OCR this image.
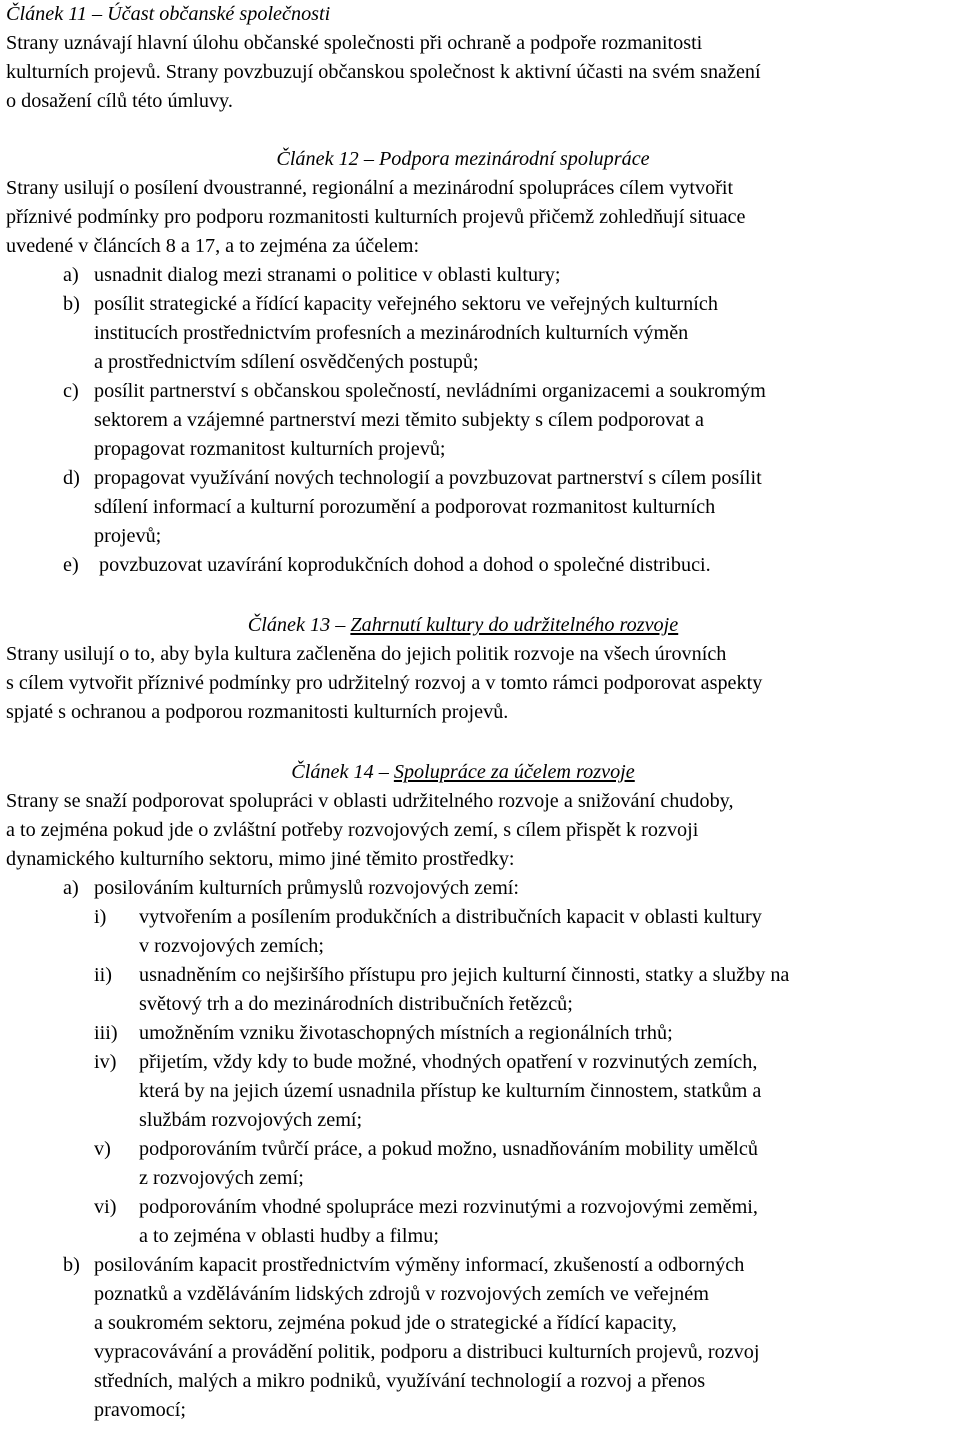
Článek 11 – Účast občanské společnosti
Strany uznávají hlavní úlohu občanské společnosti při ochraně a podpoře rozmanitosti
kulturních projevů. Strany povzbuzují občanskou společnost k aktivní účasti na svém snažení
o dosažení cílů této úmluvy.
Článek 12 – Podpora mezinárodní spolupráce
Strany usilují o posílení dvoustranné, regionální a mezinárodní spolupráces cílem vytvořit
příznivé podmínky pro podporu rozmanitosti kulturních projevů přičemž zohledňují situace
uvedené v článcích 8 a 17, a to zejména za účelem:
a) usnadnit dialog mezi stranami o politice v oblasti kultury;
b) posílit strategické a řídící kapacity veřejného sektoru ve veřejných kulturních
institucích prostřednictvím profesních a mezinárodních kulturních výměn
a prostřednictvím sdílení osvědčených postupů;
c) posílit partnerství s občanskou společností, nevládními organizacemi a soukromým
sektorem a vzájemné partnerství mezi těmito subjekty s cílem podporovat a
propagovat rozmanitost kulturních projevů;
d) propagovat využívání nových technologií a povzbuzovat partnerství s cílem posílit
sdílení informací a kulturní porozumění a podporovat rozmanitost kulturních
projevů;
e) povzbuzovat uzavírání koprodukčních dohod a dohod o společné distribuci.
Článek 13 – Zahrnutí kultury do udržitelného rozvoje
Strany usilují o to, aby byla kultura začleněna do jejich politik rozvoje na všech úrovních
s cílem vytvořit příznivé podmínky pro udržitelný rozvoj a v tomto rámci podporovat aspekty
spjaté s ochranou a podporou rozmanitosti kulturních projevů.
Článek 14 – Spolupráce za účelem rozvoje
Strany se snaží podporovat spolupráci v oblasti udržitelného rozvoje a snižování chudoby,
a to zejména pokud jde o zvláštní potřeby rozvojových zemí, s cílem přispět k rozvoji
dynamického kulturního sektoru, mimo jiné těmito prostředky:
a) posilováním kulturních průmyslů rozvojových zemí:
i)	vytvořením a posílením produkčních a distribučních kapacit v oblasti kultury
v rozvojových zemích;
ii)	usnadněním co nejširšího přístupu pro jejich kulturní činnosti, statky a služby na
světový trh a do mezinárodních distribučních řetězců;
iii)	umožněním vzniku životaschopných místních a regionálních trhů;
iv)	přijetím, vždy kdy to bude možné, vhodných opatření v rozvinutých zemích,
která by na jejich území usnadnila přístup ke kulturním činnostem, statkům a
službám rozvojových zemí;
v)	podporováním tvůrčí práce, a pokud možno, usnadňováním mobility umělců
z rozvojových zemí;
vi)	podporováním vhodné spolupráce mezi rozvinutými a rozvojovými zeměmi,
a to zejména v oblasti hudby a filmu;
b) posilováním kapacit prostřednictvím výměny informací, zkušeností a odborných
poznatků a vzděláváním lidských zdrojů v rozvojových zemích ve veřejném
a soukromém sektoru, zejména pokud jde o strategické a řídící kapacity,
vypracovávání a provádění politik, podporu a distribuci kulturních projevů, rozvoj
středních, malých a mikro podniků, využívání technologií a rozvoj a přenos
pravomocí;
